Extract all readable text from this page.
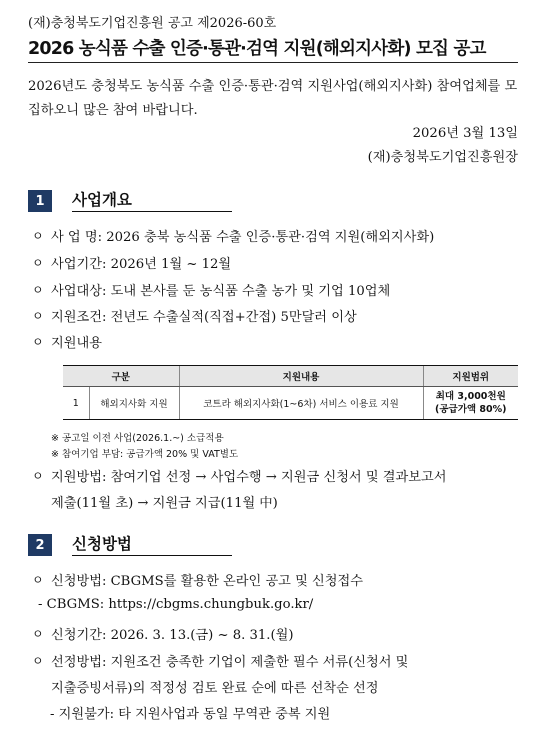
(재)충청북도기업진흥원 공고 제2026-60호
2026 농식품 수출 인증·통관·검역 지원(해외지사화) 모집 공고
2026년도 충청북도 농식품 수출 인증·통관·검역 지원사업(해외지사화) 참여업체를 모집하오니 많은 참여 바랍니다.
2026년 3월 13일
(재)충청북도기업진흥원장
1	사업개요
ㅇ 사 업 명: 2026 충북 농식품 수출 인증·통관·검역 지원(해외지사화)
ㅇ 사업기간: 2026년 1월 ~ 12월
ㅇ 사업대상: 도내 본사를 둔 농식품 수출 농가 및 기업 10업체
ㅇ 지원조건: 전년도 수출실적(직접+간접) 5만달러 이상
ㅇ 지원내용
구분		지원내용	지원범위
1	해외지사화 지원	코트라 해외지사화(1~6차) 서비스 이용료 지원	최대 3,000천원
(공급가액 80%)
※ 공고일 이전 사업(2026.1.~) 소급적용
※ 참여기업 부담: 공급가액 20% 및 VAT별도
ㅇ 지원방법: 참여기업 선정 → 사업수행 → 지원금 신청서 및 결과보고서
제출(11월 초) → 지원금 지급(11월 中)
2	신청방법
ㅇ 신청방법: CBGMS를 활용한 온라인 공고 및 신청접수
- CBGMS: https://cbgms.chungbuk.go.kr/
ㅇ 신청기간: 2026. 3. 13.(금) ~ 8. 31.(월)
ㅇ 선정방법: 지원조건 충족한 기업이 제출한 필수 서류(신청서 및
지출증빙서류)의 적정성 검토 완료 순에 따른 선착순 선정
- 지원불가: 타 지원사업과 동일 무역관 중복 지원
